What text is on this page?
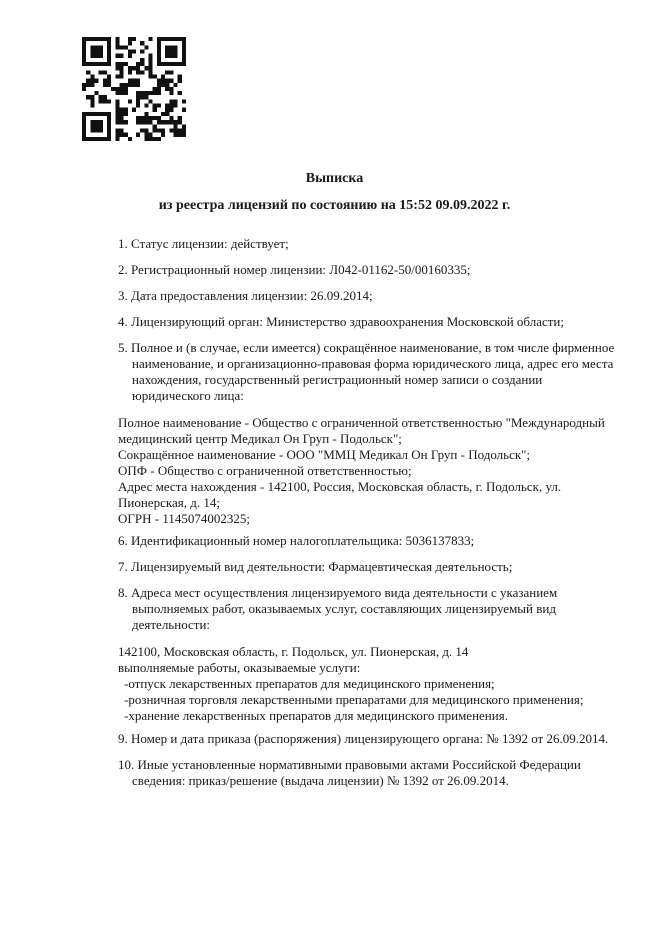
Выписка
из реестра лицензий по состоянию на 15:52 09.09.2022 г.
1. Статус лицензии: действует;
2. Регистрационный номер лицензии: Л042-01162-50/00160335;
3. Дата предоставления лицензии: 26.09.2014;
4. Лицензирующий орган: Министерство здравоохранения Московской области;
5. Полное и (в случае, если имеется) сокращённое наименование, в том числе фирменное
наименование, и организационно-правовая форма юридического лица, адрес его места
нахождения, государственный регистрационный номер записи о создании
юридического лица:
Полное наименование - Общество с ограниченной ответственностью "Международный
медицинский центр Медикал Он Груп - Подольск";
Сокращённое наименование - ООО "ММЦ Медикал Он Груп - Подольск";
ОПФ - Общество с ограниченной ответственностью;
Адрес места нахождения - 142100, Россия, Московская область, г. Подольск, ул.
Пионерская, д. 14;
ОГРН - 1145074002325;
6. Идентификационный номер налогоплательщика: 5036137833;
7. Лицензируемый вид деятельности: Фармацевтическая деятельность;
8. Адреса мест осуществления лицензируемого вида деятельности с указанием
выполняемых работ, оказываемых услуг, составляющих лицензируемый вид
деятельности:
142100, Московская область, г. Подольск, ул. Пионерская, д. 14
выполняемые работы, оказываемые услуги:
-отпуск лекарственных препаратов для медицинского применения;
-розничная торговля лекарственными препаратами для медицинского применения;
-хранение лекарственных препаратов для медицинского применения.
9. Номер и дата приказа (распоряжения) лицензирующего органа: № 1392 от 26.09.2014.
10. Иные установленные нормативными правовыми актами Российской Федерации
сведения: приказ/решение (выдача лицензии) № 1392 от 26.09.2014.
